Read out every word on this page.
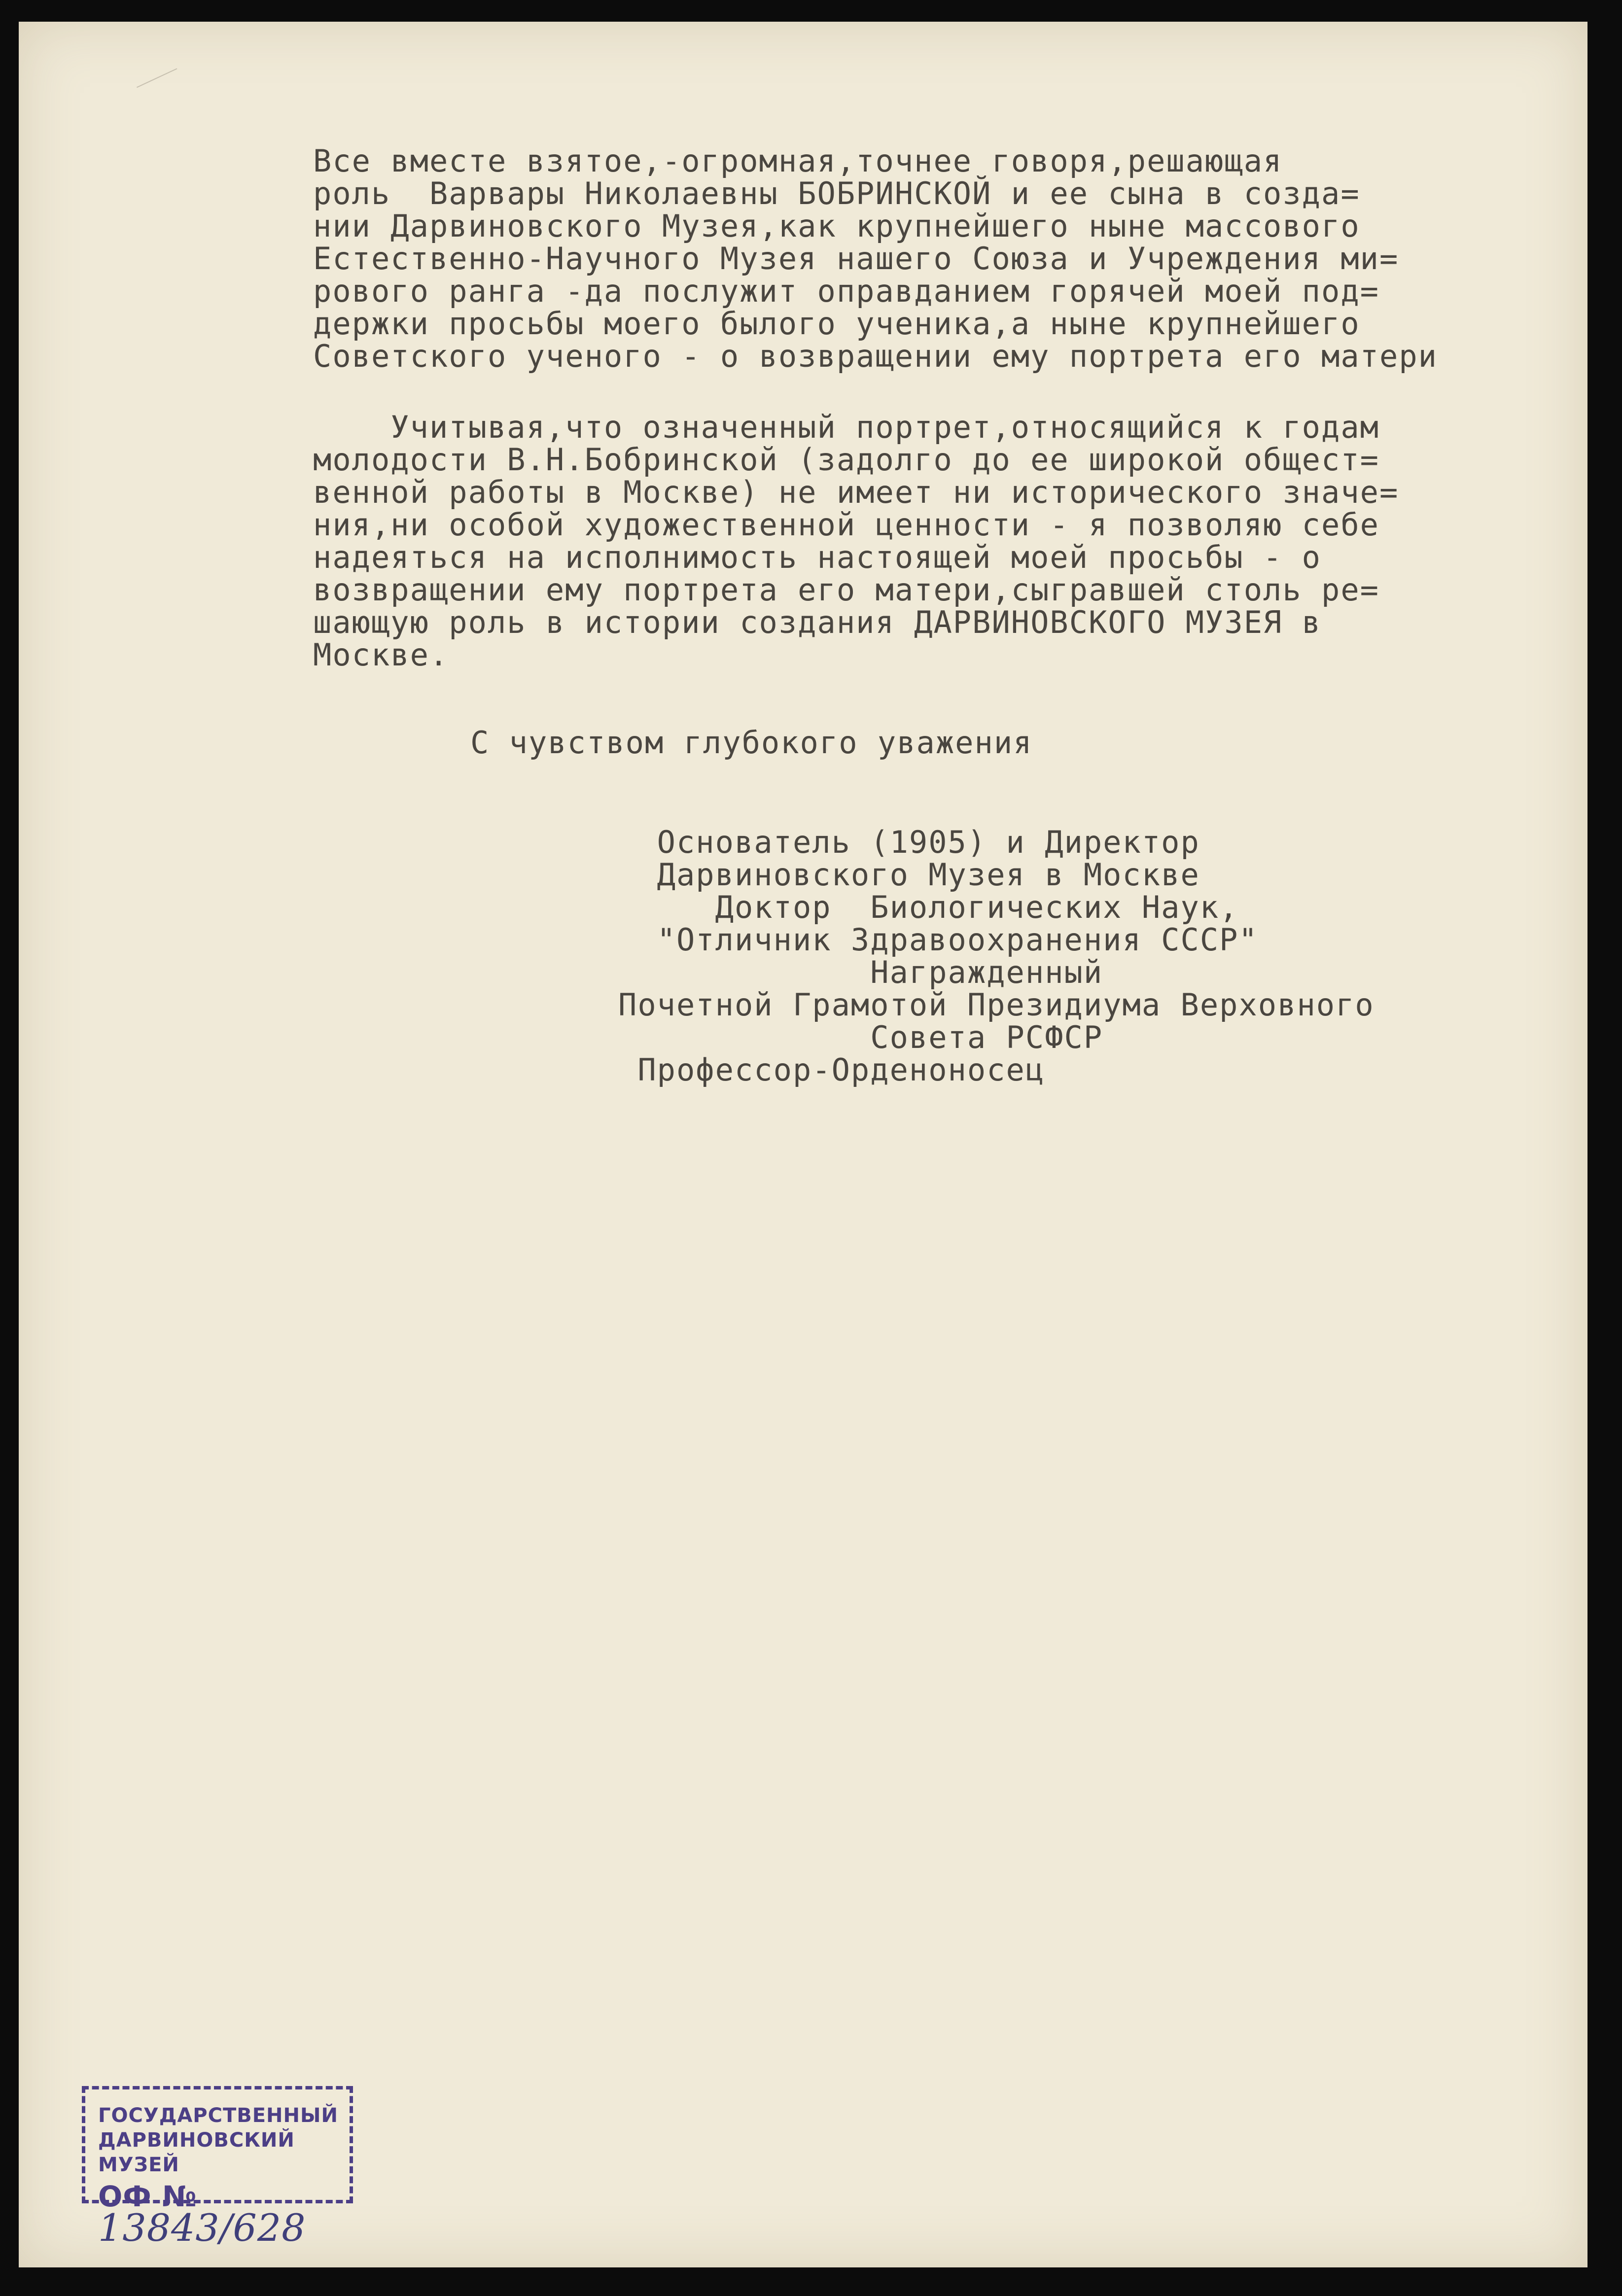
Все вместе взятое,-огромная,точнее говоря,решающая
роль  Варвары Николаевны БОБРИНСКОЙ и ее сына в созда=
нии Дарвиновского Музея,как крупнейшего ныне массового
Естественно-Научного Музея нашего Союза и Учреждения ми=
рового ранга -да послужит оправданием горячей моей под=
держки просьбы моего былого ученика,а ныне крупнейшего
Советского ученого - о возвращении ему портрета его матери
Учитывая,что означенный портрет,относящийся к годам
молодости В.Н.Бобринской (задолго до ее широкой общест=
венной работы в Москве) не имеет ни исторического значе=
ния,ни особой художественной ценности - я позволяю себе
надеяться на исполнимость настоящей моей просьбы - о
возвращении ему портрета его матери,сыгравшей столь ре=
шающую роль в истории создания ДАРВИНОВСКОГО МУЗЕЯ в
Москве.
С чувством глубокого уважения
Основатель (1905) и Директор
Дарвиновского Музея в Москве
Доктор  Биологических Наук,
"Отличник Здравоохранения СССР"
Награжденный
Почетной Грамотой Президиума Верховного
Совета РСФСР
Профессор-Орденоносец
ГОСУДАРСТВЕННЫЙ
ДАРВИНОВСКИЙ МУЗЕЙ
ОФ № 13843/628
